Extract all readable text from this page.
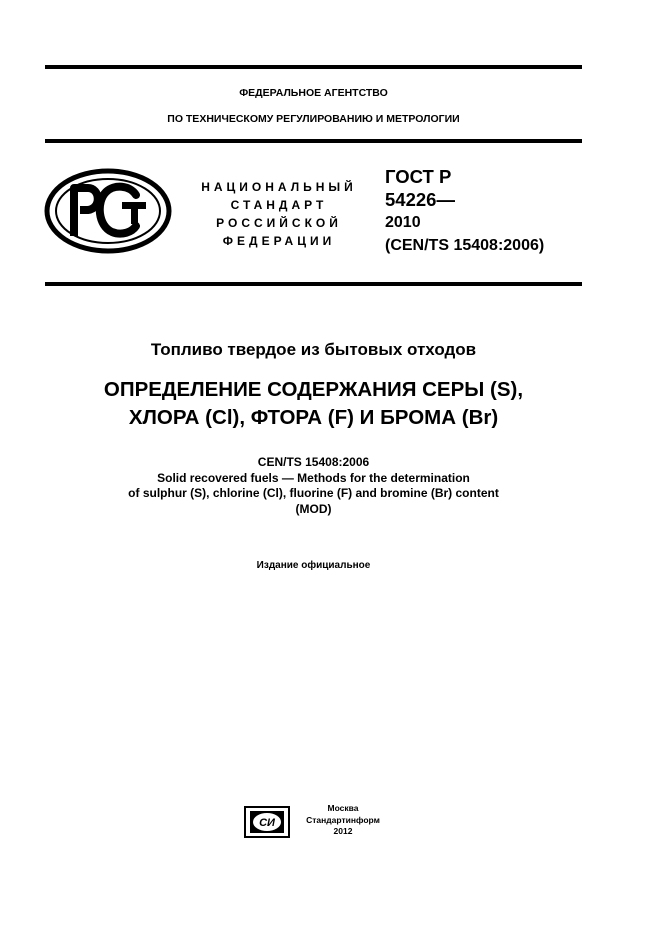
ФЕДЕРАЛЬНОЕ АГЕНТСТВО
ПО ТЕХНИЧЕСКОМУ РЕГУЛИРОВАНИЮ И МЕТРОЛОГИИ
НАЦИОНАЛЬНЫЙ
СТАНДАРТ
РОССИЙСКОЙ
ФЕДЕРАЦИИ
ГОСТ Р
54226—
2010
(CEN/TS 15408:2006)
Топливо твердое из бытовых отходов
ОПРЕДЕЛЕНИЕ СОДЕРЖАНИЯ СЕРЫ (S),
ХЛОРА (Cl), ФТОРА (F) И БРОМА (Br)
CEN/TS 15408:2006
Solid recovered fuels — Methods for the determination
of sulphur (S), chlorine (Cl), fluorine (F) and bromine (Br) content
(MOD)
Издание официальное
СИ
Москва
Стандартинформ
2012
